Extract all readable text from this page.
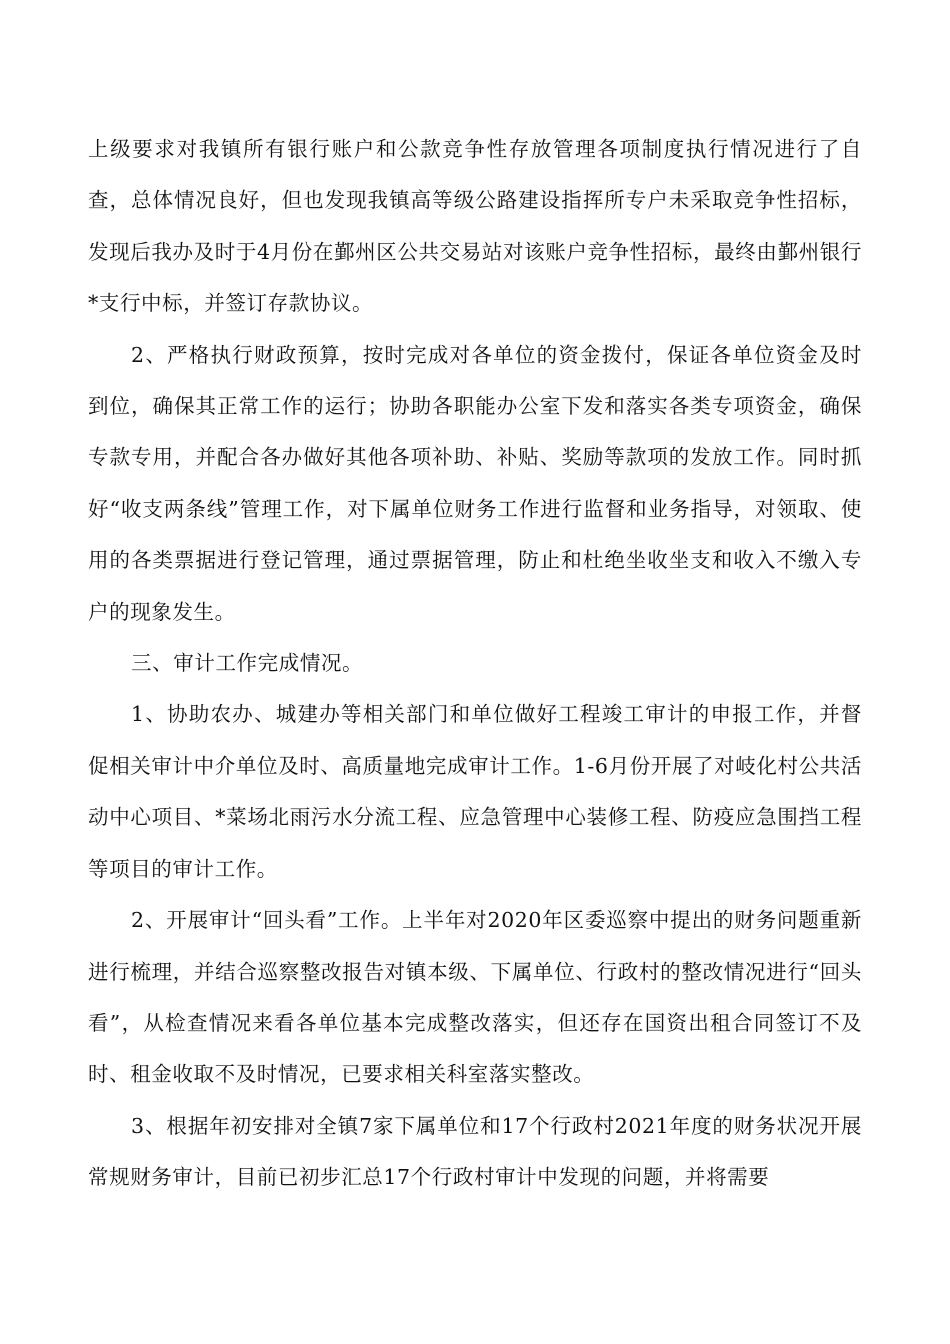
上级要求对我镇所有银行账户和公款竞争性存放管理各项制度执行情况进行了自查，总体情况良好，但也发现我镇高等级公路建设指挥所专户未采取竞争性招标，发现后我办及时于4月份在鄞州区公共交易站对该账户竞争性招标，最终由鄞州银行*支行中标，并签订存款协议。

2、严格执行财政预算，按时完成对各单位的资金拨付，保证各单位资金及时到位，确保其正常工作的运行；协助各职能办公室下发和落实各类专项资金，确保专款专用，并配合各办做好其他各项补助、补贴、奖励等款项的发放工作。同时抓好“收支两条线”管理工作，对下属单位财务工作进行监督和业务指导，对领取、使用的各类票据进行登记管理，通过票据管理，防止和杜绝坐收坐支和收入不缴入专户的现象发生。

三、审计工作完成情况。

1、协助农办、城建办等相关部门和单位做好工程竣工审计的申报工作，并督促相关审计中介单位及时、高质量地完成审计工作。1-6月份开展了对岐化村公共活动中心项目、*菜场北雨污水分流工程、应急管理中心装修工程、防疫应急围挡工程等项目的审计工作。

2、开展审计“回头看”工作。上半年对2020年区委巡察中提出的财务问题重新进行梳理，并结合巡察整改报告对镇本级、下属单位、行政村的整改情况进行“回头看”，从检查情况来看各单位基本完成整改落实，但还存在国资出租合同签订不及时、租金收取不及时情况，已要求相关科室落实整改。

3、根据年初安排对全镇7家下属单位和17个行政村2021年度的财务状况开展常规财务审计，目前已初步汇总17个行政村审计中发现的问题，并将需要
